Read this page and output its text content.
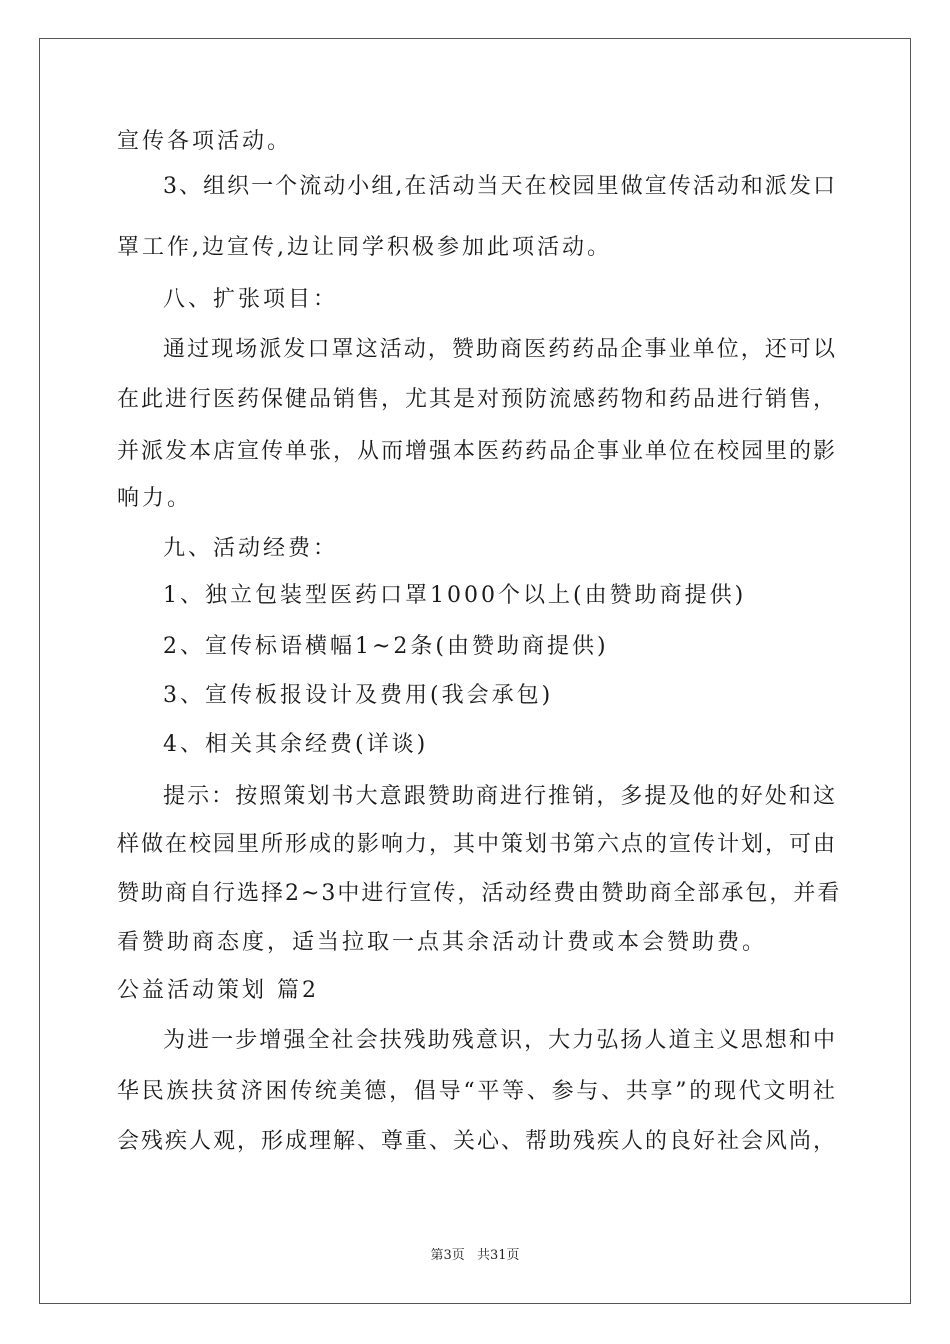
宣传各项活动。
3、组织一个流动小组,在活动当天在校园里做宣传活动和派发口
罩工作,边宣传,边让同学积极参加此项活动。
八、扩张项目：
通过现场派发口罩这活动，赞助商医药药品企事业单位，还可以
在此进行医药保健品销售，尤其是对预防流感药物和药品进行销售，
并派发本店宣传单张，从而增强本医药药品企事业单位在校园里的影
响力。
九、活动经费：
1、独立包装型医药口罩1000个以上(由赞助商提供)
2、宣传标语横幅1~2条(由赞助商提供)
3、宣传板报设计及费用(我会承包)
4、相关其余经费(详谈)
提示：按照策划书大意跟赞助商进行推销，多提及他的好处和这
样做在校园里所形成的影响力，其中策划书第六点的宣传计划，可由
赞助商自行选择2~3中进行宣传，活动经费由赞助商全部承包，并看
看赞助商态度，适当拉取一点其余活动计费或本会赞助费。
公益活动策划 篇2
为进一步增强全社会扶残助残意识，大力弘扬人道主义思想和中
华民族扶贫济困传统美德，倡导“平等、参与、共享”的现代文明社
会残疾人观，形成理解、尊重、关心、帮助残疾人的良好社会风尚，
第3页 共31页
